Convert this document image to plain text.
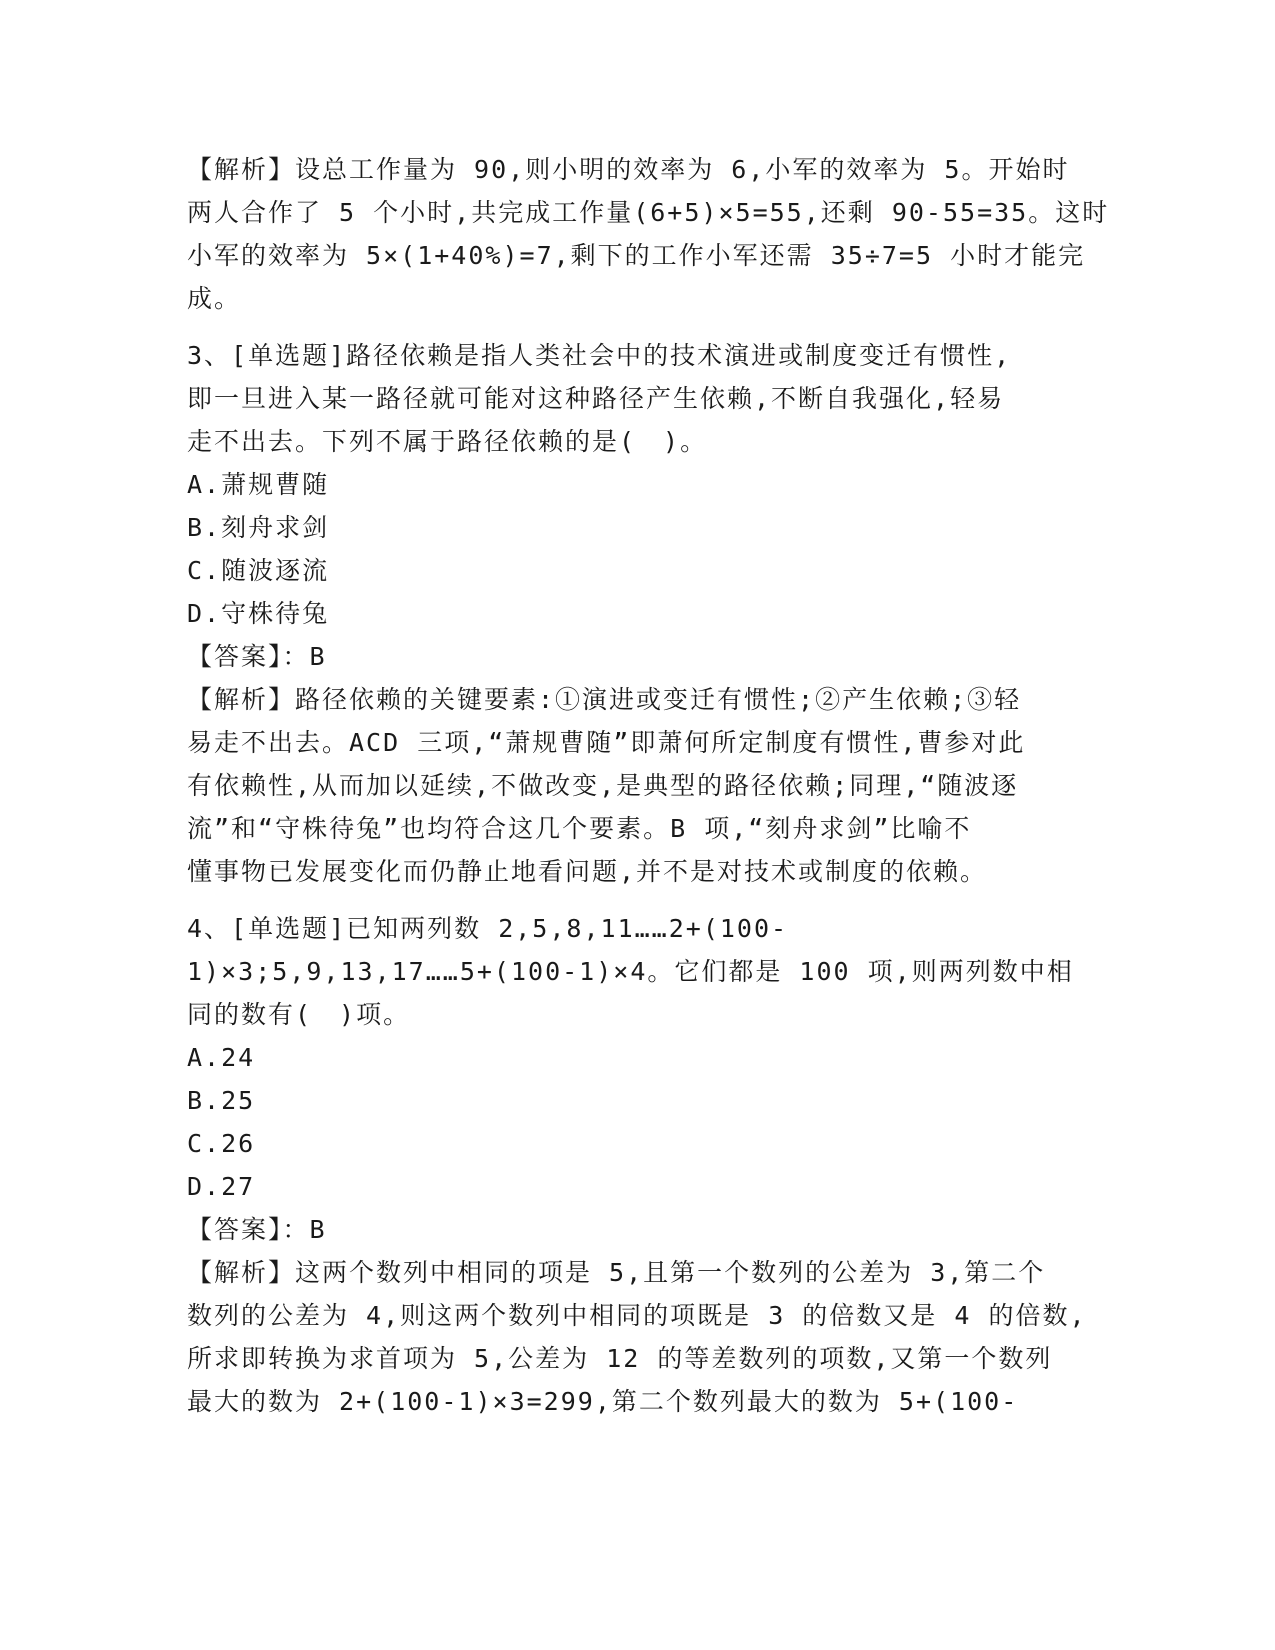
【解析】设总工作量为 90,则小明的效率为 6,小军的效率为 5。开始时
两人合作了 5 个小时,共完成工作量(6+5)×5=55,还剩 90-55=35。这时
小军的效率为 5×(1+40%)=7,剩下的工作小军还需 35÷7=5 小时才能完
成。
3、[单选题]路径依赖是指人类社会中的技术演进或制度变迁有惯性,
即一旦进入某一路径就可能对这种路径产生依赖,不断自我强化,轻易
走不出去。下列不属于路径依赖的是(　)。
A.萧规曹随
B.刻舟求剑
C.随波逐流
D.守株待兔
【答案】：B
【解析】路径依赖的关键要素:①演进或变迁有惯性;②产生依赖;③轻
易走不出去。ACD 三项,“萧规曹随”即萧何所定制度有惯性,曹参对此
有依赖性,从而加以延续,不做改变,是典型的路径依赖;同理,“随波逐
流”和“守株待兔”也均符合这几个要素。B 项,“刻舟求剑”比喻不
懂事物已发展变化而仍静止地看问题,并不是对技术或制度的依赖。
4、[单选题]已知两列数 2,5,8,11……2+(100-
1)×3;5,9,13,17……5+(100-1)×4。它们都是 100 项,则两列数中相
同的数有(　)项。
A.24
B.25
C.26
D.27
【答案】：B
【解析】这两个数列中相同的项是 5,且第一个数列的公差为 3,第二个
数列的公差为 4,则这两个数列中相同的项既是 3 的倍数又是 4 的倍数,
所求即转换为求首项为 5,公差为 12 的等差数列的项数,又第一个数列
最大的数为 2+(100-1)×3=299,第二个数列最大的数为 5+(100-
